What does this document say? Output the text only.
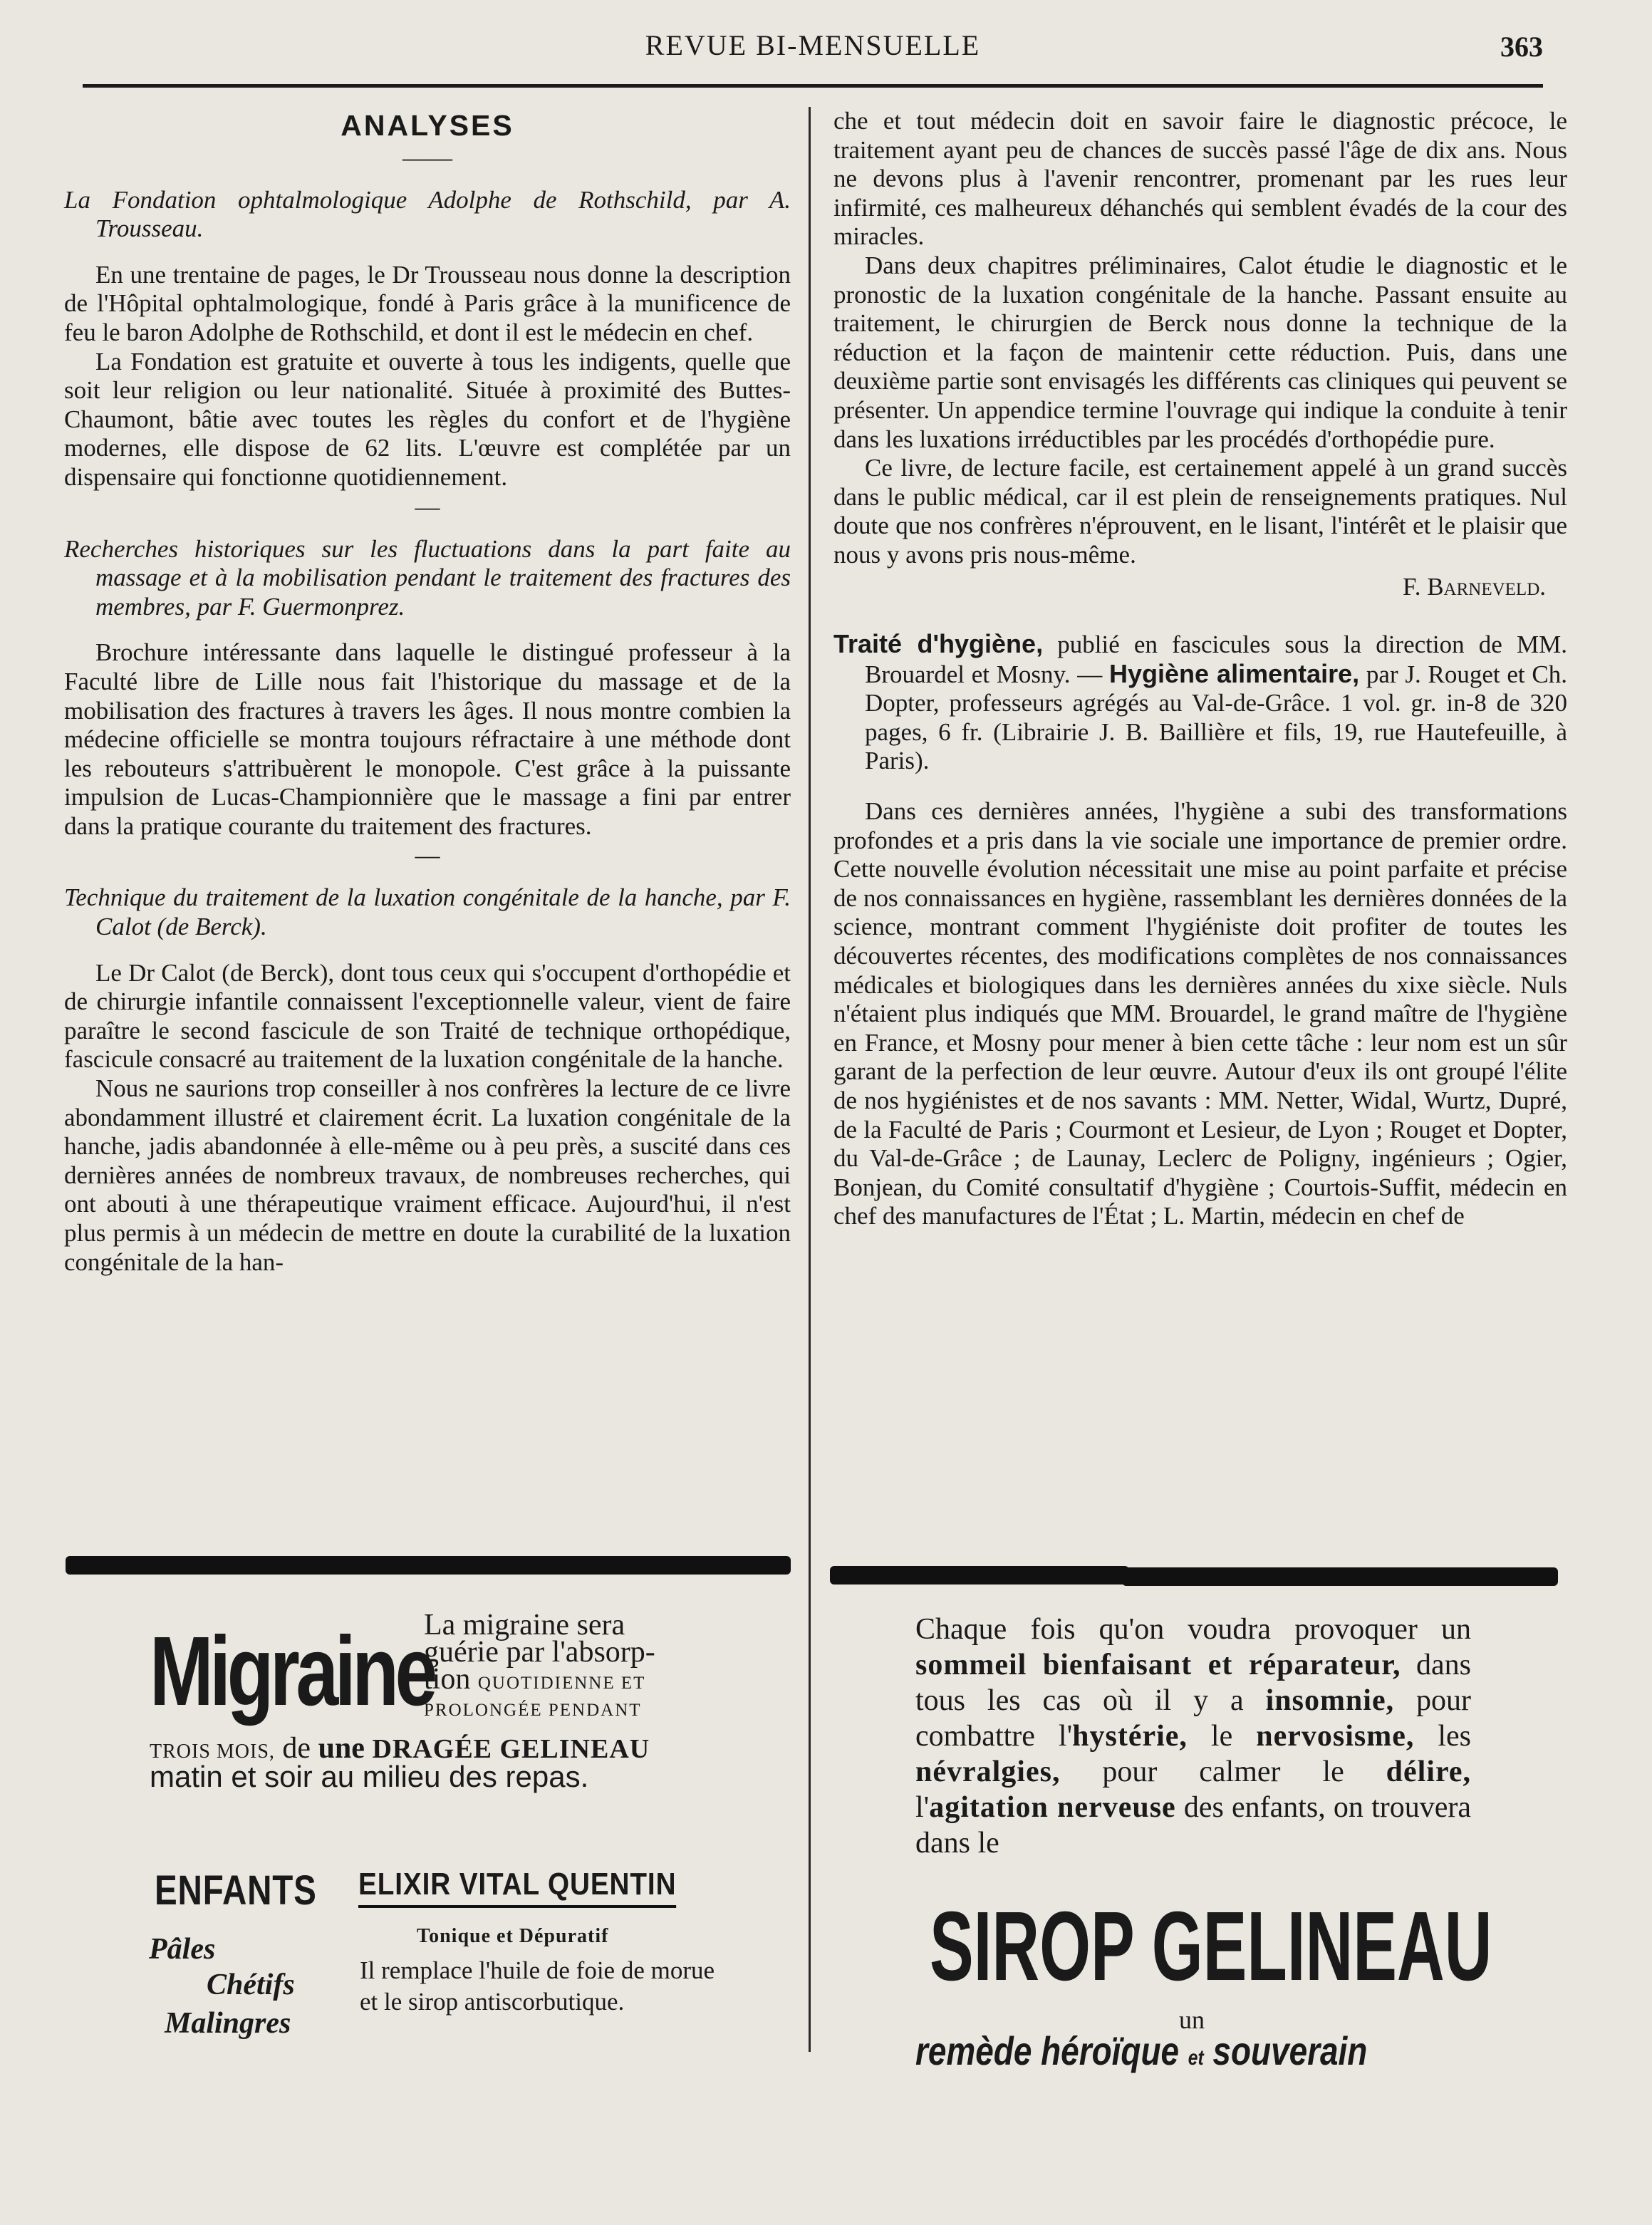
REVUE BI-MENSUELLE	363
ANALYSES
——

La Fondation ophtalmologique Adolphe de Rothschild, par A. Trousseau.

En une trentaine de pages, le Dr Trousseau nous donne la description de l'Hôpital ophtalmologique, fondé à Paris grâce à la munificence de feu le baron Adolphe de Rothschild, et dont il est le médecin en chef.

La Fondation est gratuite et ouverte à tous les indigents, quelle que soit leur religion ou leur nationalité. Située à proximité des Buttes-Chaumont, bâtie avec toutes les règles du confort et de l'hygiène modernes, elle dispose de 62 lits. L'œuvre est complétée par un dispensaire qui fonctionne quotidiennement.

—

Recherches historiques sur les fluctuations dans la part faite au massage et à la mobilisation pendant le traitement des fractures des membres, par F. Guermonprez.

Brochure intéressante dans laquelle le distingué professeur à la Faculté libre de Lille nous fait l'historique du massage et de la mobilisation des fractures à travers les âges. Il nous montre combien la médecine officielle se montra toujours réfractaire à une méthode dont les rebouteurs s'attribuèrent le monopole. C'est grâce à la puissante impulsion de Lucas-Championnière que le massage a fini par entrer dans la pratique courante du traitement des fractures.

—

Technique du traitement de la luxation congénitale de la hanche, par F. Calot (de Berck).

Le Dr Calot (de Berck), dont tous ceux qui s'occupent d'orthopédie et de chirurgie infantile connaissent l'exceptionnelle valeur, vient de faire paraître le second fascicule de son Traité de technique orthopédique, fascicule consacré au traitement de la luxation congénitale de la hanche.

Nous ne saurions trop conseiller à nos confrères la lecture de ce livre abondamment illustré et clairement écrit. La luxation congénitale de la hanche, jadis abandonnée à elle-même ou à peu près, a suscité dans ces dernières années de nombreux travaux, de nombreuses recherches, qui ont abouti à une thérapeutique vraiment efficace. Aujourd'hui, il n'est plus permis à un médecin de mettre en doute la curabilité de la luxation congénitale de la han-

che et tout médecin doit en savoir faire le diagnostic précoce, le traitement ayant peu de chances de succès passé l'âge de dix ans. Nous ne devons plus à l'avenir rencontrer, promenant par les rues leur infirmité, ces malheureux déhanchés qui semblent évadés de la cour des miracles.

Dans deux chapitres préliminaires, Calot étudie le diagnostic et le pronostic de la luxation congénitale de la hanche. Passant ensuite au traitement, le chirurgien de Berck nous donne la technique de la réduction et la façon de maintenir cette réduction. Puis, dans une deuxième partie sont envisagés les différents cas cliniques qui peuvent se présenter. Un appendice termine l'ouvrage qui indique la conduite à tenir dans les luxations irréductibles par les procédés d'orthopédie pure.

Ce livre, de lecture facile, est certainement appelé à un grand succès dans le public médical, car il est plein de renseignements pratiques. Nul doute que nos confrères n'éprouvent, en le lisant, l'intérêt et le plaisir que nous y avons pris nous-même.

F. Barneveld.

Traité d'hygiène, publié en fascicules sous la direction de MM. Brouardel et Mosny. — Hygiène alimentaire, par J. Rouget et Ch. Dopter, professeurs agrégés au Val-de-Grâce. 1 vol. gr. in-8 de 320 pages, 6 fr. (Librairie J. B. Baillière et fils, 19, rue Hautefeuille, à Paris).

Dans ces dernières années, l'hygiène a subi des transformations profondes et a pris dans la vie sociale une importance de premier ordre. Cette nouvelle évolution nécessitait une mise au point parfaite et précise de nos connaissances en hygiène, rassemblant les dernières données de la science, montrant comment l'hygiéniste doit profiter de toutes les découvertes récentes, des modifications complètes de nos connaissances médicales et biologiques dans les dernières années du xixe siècle. Nuls n'étaient plus indiqués que MM. Brouardel, le grand maître de l'hygiène en France, et Mosny pour mener à bien cette tâche : leur nom est un sûr garant de la perfection de leur œuvre. Autour d'eux ils ont groupé l'élite de nos hygiénistes et de nos savants : MM. Netter, Widal, Wurtz, Dupré, de la Faculté de Paris ; Courmont et Lesieur, de Lyon ; Rouget et Dopter, du Val-de-Grâce ; de Launay, Leclerc de Poligny, ingénieurs ; Ogier, Bonjean, du Comité consultatif d'hygiène ; Courtois-Suffit, médecin en chef des manufactures de l'État ; L. Martin, médecin en chef de

Migraine
La migraine sera
guérie par l'absorp-
tion QUOTIDIENNE ET
PROLONGÉE PENDANT
TROIS MOIS, de une DRAGÉE GELINEAU
matin et soir au milieu des repas.
ENFANTS
Pâles
Chétifs
Malingres
ELIXIR VITAL QUENTIN
Tonique et Dépuratif
Il remplace l'huile de foie de morue et le sirop antiscorbutique.

Chaque fois qu'on voudra provoquer un sommeil bienfaisant et réparateur, dans tous les cas où il y a insomnie, pour combattre l'hystérie, le nervosisme, les névralgies, pour calmer le délire, l'agitation nerveuse des enfants, on trouvera dans le

SIROP GELINEAU
un
remède héroïque et souverain
